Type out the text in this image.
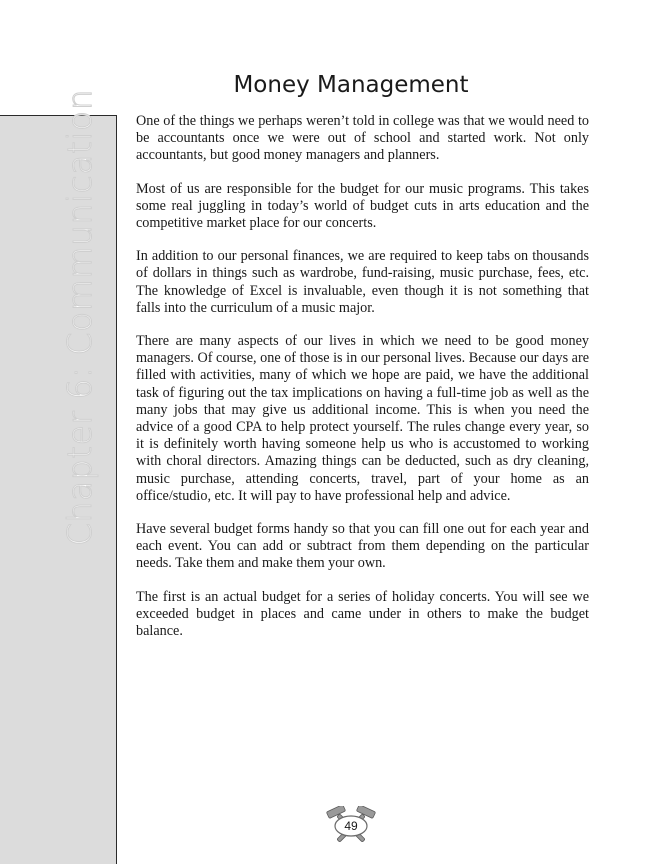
Chapter 6: Communication
Money Management

One of the things we perhaps weren’t told in college was that we would need to be accountants once we were out of school and started work. Not only accountants, but good money managers and planners.

Most of us are responsible for the budget for our music programs. This takes some real juggling in today’s world of budget cuts in arts education and the competitive market place for our concerts.

In addition to our personal finances, we are required to keep tabs on thousands of dollars in things such as wardrobe, fund-raising, music purchase, fees, etc. The knowledge of Excel is invaluable, even though it is not something that falls into the curriculum of a music major.

There are many aspects of our lives in which we need to be good money managers. Of course, one of those is in our personal lives. Because our days are filled with activities, many of which we hope are paid, we have the additional task of figuring out the tax implications on having a full-time job as well as the many jobs that may give us additional income. This is when you need the advice of a good CPA to help protect yourself. The rules change every year, so it is definitely worth having someone help us who is accustomed to working with choral directors. Amazing things can be deducted, such as dry cleaning, music purchase, attending concerts, travel, part of your home as an office/studio, etc. It will pay to have professional help and advice.

Have several budget forms handy so that you can fill one out for each year and each event. You can add or subtract from them depending on the particular needs. Take them and make them your own.

The first is an actual budget for a series of holiday concerts. You will see we exceeded budget in places and came under in others to make the budget balance.

49
